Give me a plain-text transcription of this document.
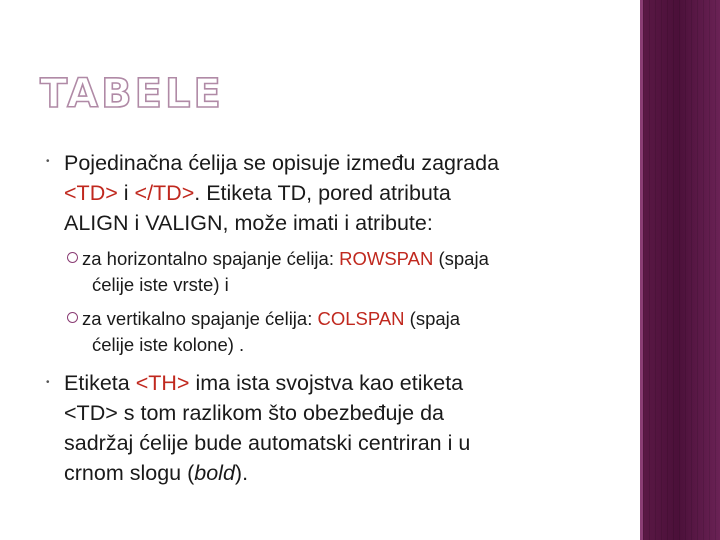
TABELE
• Pojedinačna ćelija se opisuje između zagrada
<TD> i </TD>. Etiketa TD, pored atributa
ALIGN i VALIGN, može imati i atribute:
za horizontalno spajanje ćelija: ROWSPAN (spaja
ćelije iste vrste) i
za vertikalno spajanje ćelija: COLSPAN (spaja
ćelije iste kolone) .
• Etiketa <TH> ima ista svojstva kao etiketa
<TD> s tom razlikom što obezbeđuje da
sadržaj ćelije bude automatski centriran i u
crnom slogu (bold).
